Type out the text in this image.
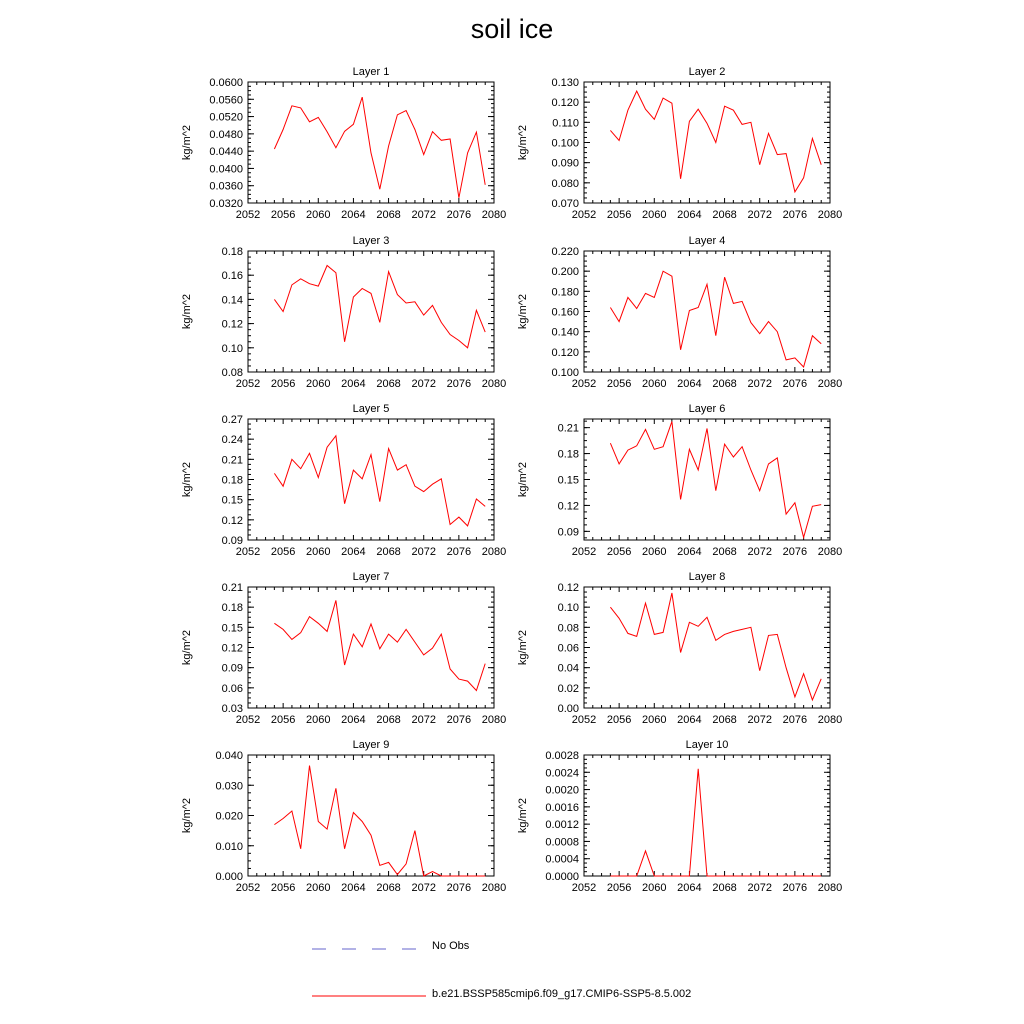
soil ice
Layer 1
kg/m^2
2052 2056 2060 2064 2068 2072 2076 2080
0.0320
0.0360
0.0400
0.0440
0.0480
0.0520
0.0560
0.0600
Layer 2
kg/m^2
2052 2056 2060 2064 2068 2072 2076 2080
0.070
0.080
0.090
0.100
0.110
0.120
0.130
Layer 3
kg/m^2
2052 2056 2060 2064 2068 2072 2076 2080
0.08
0.10
0.12
0.14
0.16
0.18
Layer 4
kg/m^2
2052 2056 2060 2064 2068 2072 2076 2080
0.100
0.120
0.140
0.160
0.180
0.200
0.220
Layer 5
kg/m^2
2052 2056 2060 2064 2068 2072 2076 2080
0.09
0.12
0.15
0.18
0.21
0.24
0.27
Layer 6
kg/m^2
2052 2056 2060 2064 2068 2072 2076 2080
0.09
0.12
0.15
0.18
0.21
Layer 7
kg/m^2
2052 2056 2060 2064 2068 2072 2076 2080
0.03
0.06
0.09
0.12
0.15
0.18
0.21
Layer 8
kg/m^2
2052 2056 2060 2064 2068 2072 2076 2080
0.00
0.02
0.04
0.06
0.08
0.10
0.12
Layer 9
kg/m^2
2052 2056 2060 2064 2068 2072 2076 2080
0.000
0.010
0.020
0.030
0.040
Layer 10
kg/m^2
2052 2056 2060 2064 2068 2072 2076 2080
0.0000
0.0004
0.0008
0.0012
0.0016
0.0020
0.0024
0.0028
No Obs
b.e21.BSSP585cmip6.f09_g17.CMIP6-SSP5-8.5.002
